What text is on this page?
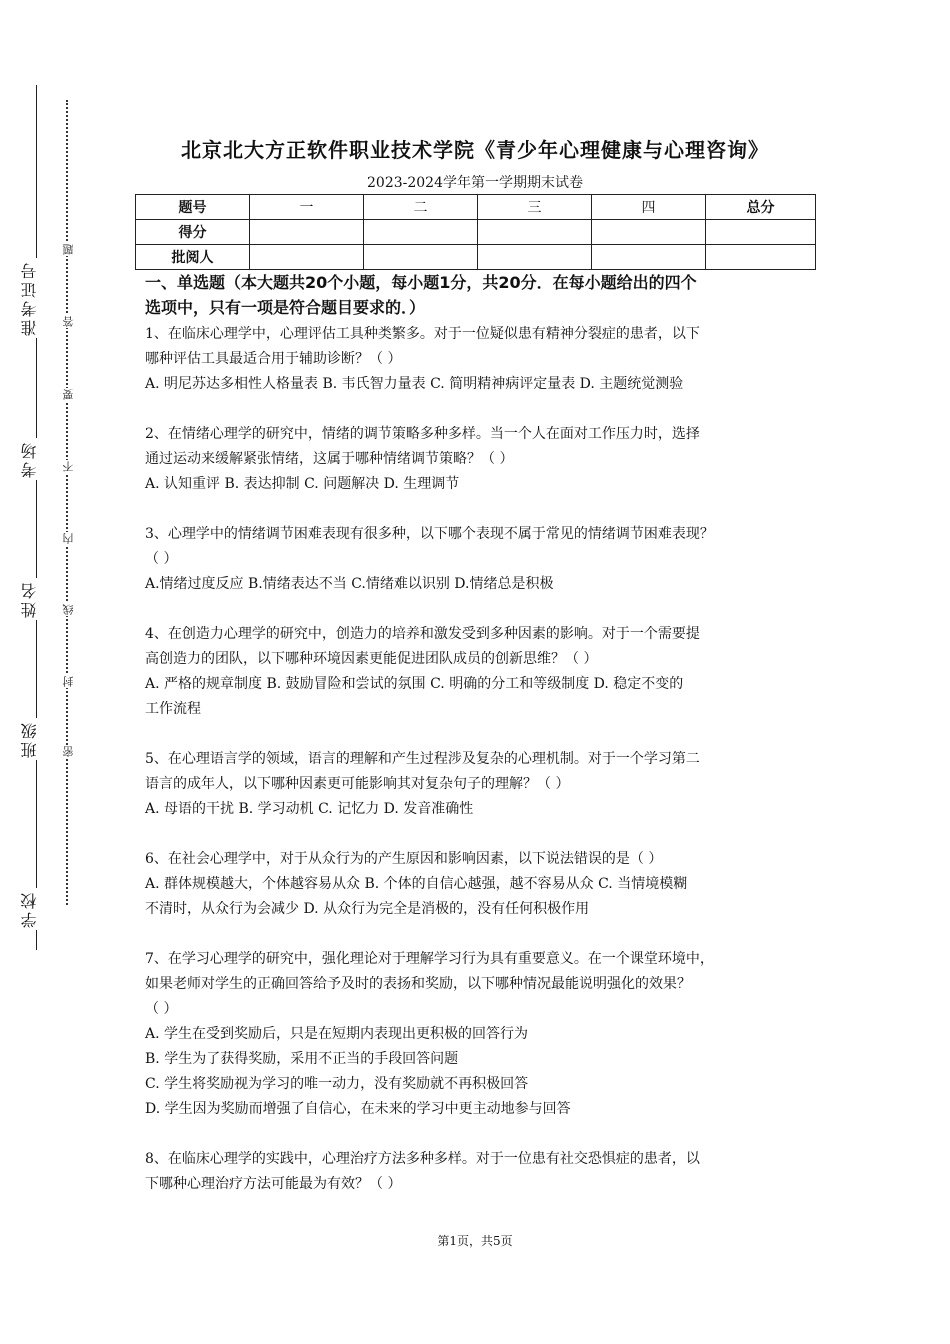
准考证号
考场
姓名
班级
学校
题
答
要
不
内
线
封
密
北京北大方正软件职业技术学院《青少年心理健康与心理咨询》
2023-2024学年第一学期期末试卷
题号	一	二	三	四	总分
得分					
批阅人					
一、单选题（本大题共20个小题，每小题1分，共20分．在每小题给出的四个
选项中，只有一项是符合题目要求的．）
1、在临床心理学中，心理评估工具种类繁多。对于一位疑似患有精神分裂症的患者，以下
哪种评估工具最适合用于辅助诊断？（ ）
A. 明尼苏达多相性人格量表 B. 韦氏智力量表 C. 简明精神病评定量表 D. 主题统觉测验
2、在情绪心理学的研究中，情绪的调节策略多种多样。当一个人在面对工作压力时，选择
通过运动来缓解紧张情绪，这属于哪种情绪调节策略？（ ）
A. 认知重评 B. 表达抑制 C. 问题解决 D. 生理调节
3、心理学中的情绪调节困难表现有很多种，以下哪个表现不属于常见的情绪调节困难表现？
（ ）
A.情绪过度反应 B.情绪表达不当 C.情绪难以识别 D.情绪总是积极
4、在创造力心理学的研究中，创造力的培养和激发受到多种因素的影响。对于一个需要提
高创造力的团队，以下哪种环境因素更能促进团队成员的创新思维？（ ）
A. 严格的规章制度 B. 鼓励冒险和尝试的氛围 C. 明确的分工和等级制度 D. 稳定不变的
工作流程
5、在心理语言学的领域，语言的理解和产生过程涉及复杂的心理机制。对于一个学习第二
语言的成年人，以下哪种因素更可能影响其对复杂句子的理解？（ ）
A. 母语的干扰 B. 学习动机 C. 记忆力 D. 发音准确性
6、在社会心理学中，对于从众行为的产生原因和影响因素，以下说法错误的是（ ）
A. 群体规模越大，个体越容易从众 B. 个体的自信心越强，越不容易从众 C. 当情境模糊
不清时，从众行为会减少 D. 从众行为完全是消极的，没有任何积极作用
7、在学习心理学的研究中，强化理论对于理解学习行为具有重要意义。在一个课堂环境中，
如果老师对学生的正确回答给予及时的表扬和奖励，以下哪种情况最能说明强化的效果？
（ ）
A. 学生在受到奖励后，只是在短期内表现出更积极的回答行为
B. 学生为了获得奖励，采用不正当的手段回答问题
C. 学生将奖励视为学习的唯一动力，没有奖励就不再积极回答
D. 学生因为奖励而增强了自信心，在未来的学习中更主动地参与回答
8、在临床心理学的实践中，心理治疗方法多种多样。对于一位患有社交恐惧症的患者，以
下哪种心理治疗方法可能最为有效？（ ）
第1页，共5页
